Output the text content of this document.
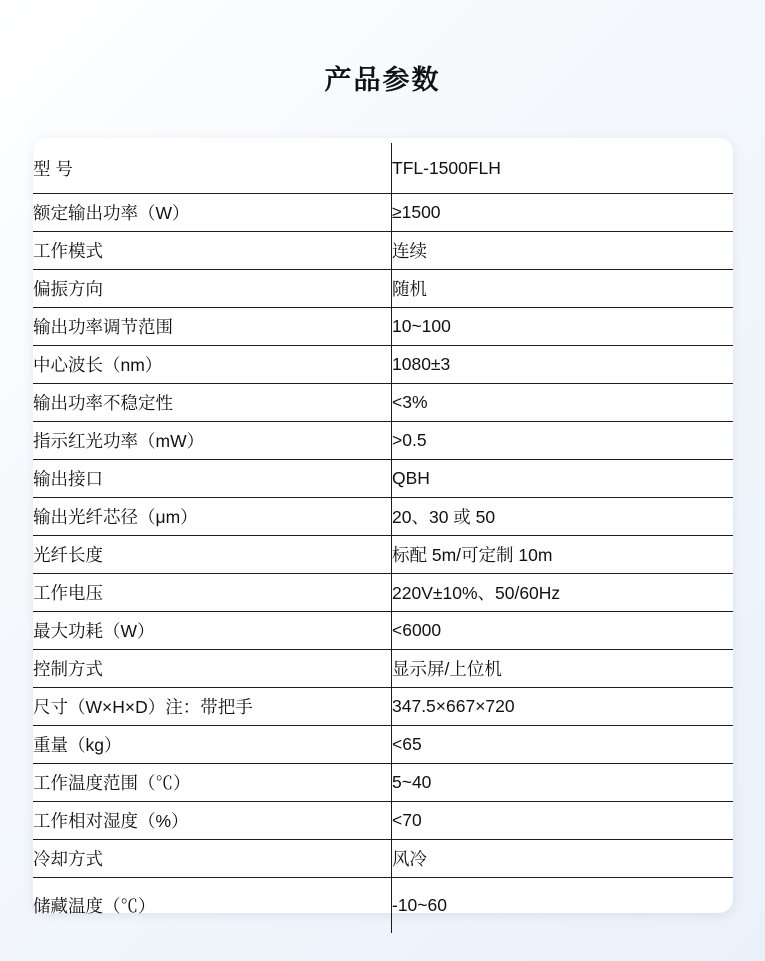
产品参数
型 号	TFL-1500FLH
额定输出功率（W）	≥1500
工作模式	连续
偏振方向	随机
输出功率调节范围	10~100
中心波长（nm）	1080±3
输出功率不稳定性	<3%
指示红光功率（mW）	>0.5
输出接口	QBH
输出光纤芯径（μm）	20、30 或 50
光纤长度	标配 5m/可定制 10m
工作电压	220V±10%、50/60Hz
最大功耗（W）	<6000
控制方式	显示屏/上位机
尺寸（W×H×D）注：带把手	347.5×667×720
重量（kg）	<65
工作温度范围（℃）	5~40
工作相对湿度（%）	<70
冷却方式	风冷
储藏温度（℃）	-10~60
